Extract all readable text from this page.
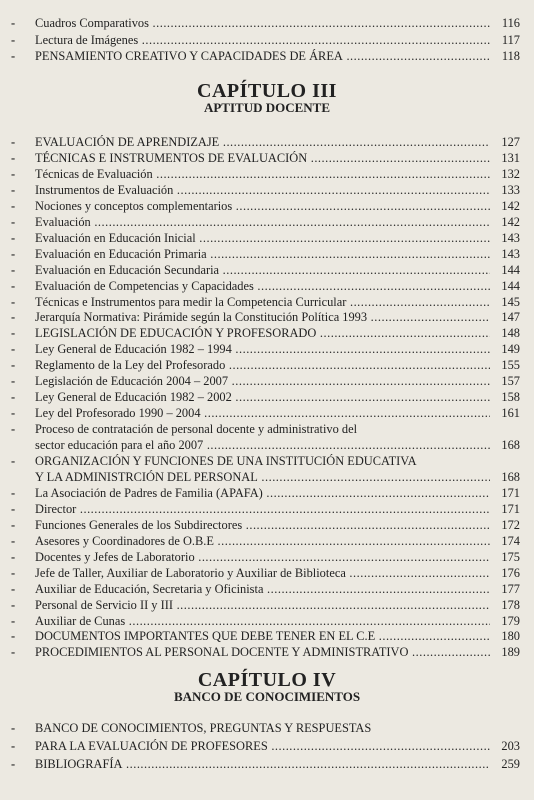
- Cuadros Comparativos .....	116
- Lectura de Imágenes .....	117
- PENSAMIENTO CREATIVO Y CAPACIDADES DE ÁREA .....	118
CAPÍTULO III
APTITUD DOCENTE
- EVALUACIÓN DE APRENDIZAJE .....	127
- TÉCNICAS E INSTRUMENTOS DE EVALUACIÓN .....	131
- Técnicas de Evaluación .....	132
- Instrumentos de Evaluación .....	133
- Nociones y conceptos complementarios .....	142
- Evaluación .....	142
- Evaluación en Educación Inicial .....	143
- Evaluación en Educación Primaria .....	143
- Evaluación en Educación Secundaria .....	144
- Evaluación de Competencias y Capacidades .....	144
- Técnicas e Instrumentos para medir la Competencia Curricular .....	145
- Jerarquía Normativa: Pirámide según la Constitución Política 1993 .....	147
- LEGISLACIÓN DE EDUCACIÓN Y PROFESORADO .....	148
- Ley General de Educación 1982 – 1994 .....	149
- Reglamento de la Ley del Profesorado .....	155
- Legislación de Educación 2004 – 2007 .....	157
- Ley General de Educación 1982 – 2002 .....	158
- Ley del Profesorado 1990 – 2004 .....	161
- Proceso de contratación de personal docente y administrativo del
sector educación para el año 2007 .....	168
- ORGANIZACIÓN Y FUNCIONES DE UNA INSTITUCIÓN EDUCATIVA
Y LA ADMINISTRCIÓN DEL PERSONAL .....	168
- La Asociación de Padres de Familia (APAFA) .....	171
- Director .....	171
- Funciones Generales de los Subdirectores .....	172
- Asesores y Coordinadores de O.B.E .....	174
- Docentes y Jefes de Laboratorio .....	175
- Jefe de Taller, Auxiliar de Laboratorio y Auxiliar de Biblioteca .....	176
- Auxiliar de Educación, Secretaria y Oficinista .....	177
- Personal de Servicio II y III .....	178
- Auxiliar de Cunas .....	179
- DOCUMENTOS IMPORTANTES QUE DEBE TENER EN EL C.E .....	180
- PROCEDIMIENTOS AL PERSONAL DOCENTE Y ADMINISTRATIVO .....	189
CAPÍTULO IV
BANCO DE CONOCIMIENTOS
- BANCO DE CONOCIMIENTOS, PREGUNTAS Y RESPUESTAS
- PARA LA EVALUACIÓN DE PROFESORES .....	203
- BIBLIOGRAFÍA .....	259
